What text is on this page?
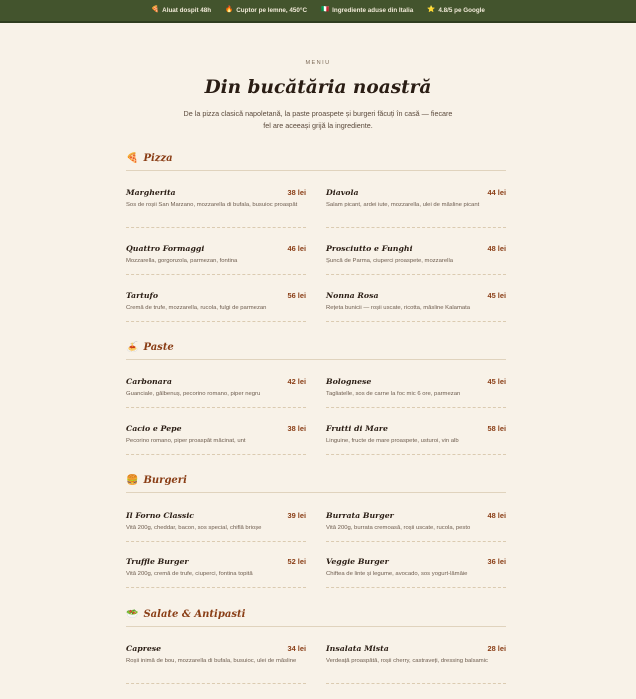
🍕 Aluat dospit 48h 🔥 Cuptor pe lemne, 450°C 🇮🇹 Ingrediente aduse din Italia ⭐ 4.8/5 pe Google
MENIU
Din bucătăria noastră
De la pizza clasică napoletană, la paste proaspete și burgeri făcuți în casă — fiecare fel are aceeași grijă la ingrediente.
🍕 Pizza
Margherita	38 lei
Sos de roșii San Marzano, mozzarella di bufala, busuioc proaspăt
Diavola	44 lei
Salam picant, ardei iute, mozzarella, ulei de măsline picant
Quattro Formaggi	46 lei
Mozzarella, gorgonzola, parmezan, fontina
Prosciutto e Funghi	48 lei
Șuncă de Parma, ciuperci proaspete, mozzarella
Tartufo	56 lei
Cremă de trufe, mozzarella, rucola, fulgi de parmezan
Nonna Rosa	45 lei
Rețeta bunicii — roșii uscate, ricotta, măsline Kalamata
🍝 Paste
Carbonara	42 lei
Guanciale, gălbenuș, pecorino romano, piper negru
Bolognese	45 lei
Tagliatelle, sos de carne la foc mic 6 ore, parmezan
Cacio e Pepe	38 lei
Pecorino romano, piper proaspăt măcinat, unt
Frutti di Mare	58 lei
Linguine, fructe de mare proaspete, usturoi, vin alb
🍔 Burgeri
Il Forno Classic	39 lei
Vită 200g, cheddar, bacon, sos special, chiflă brioșe
Burrata Burger	48 lei
Vită 200g, burrata cremoasă, roșii uscate, rucola, pesto
Truffle Burger	52 lei
Vită 200g, cremă de trufe, ciuperci, fontina topită
Veggie Burger	36 lei
Chiftea de linte și legume, avocado, sos yogurt-lămâie
🥗 Salate & Antipasti
Caprese	34 lei
Roșii inimă de bou, mozzarella di bufala, busuioc, ulei de măsline
Insalata Mista	28 lei
Verdeață proaspătă, roșii cherry, castraveți, dressing balsamic
